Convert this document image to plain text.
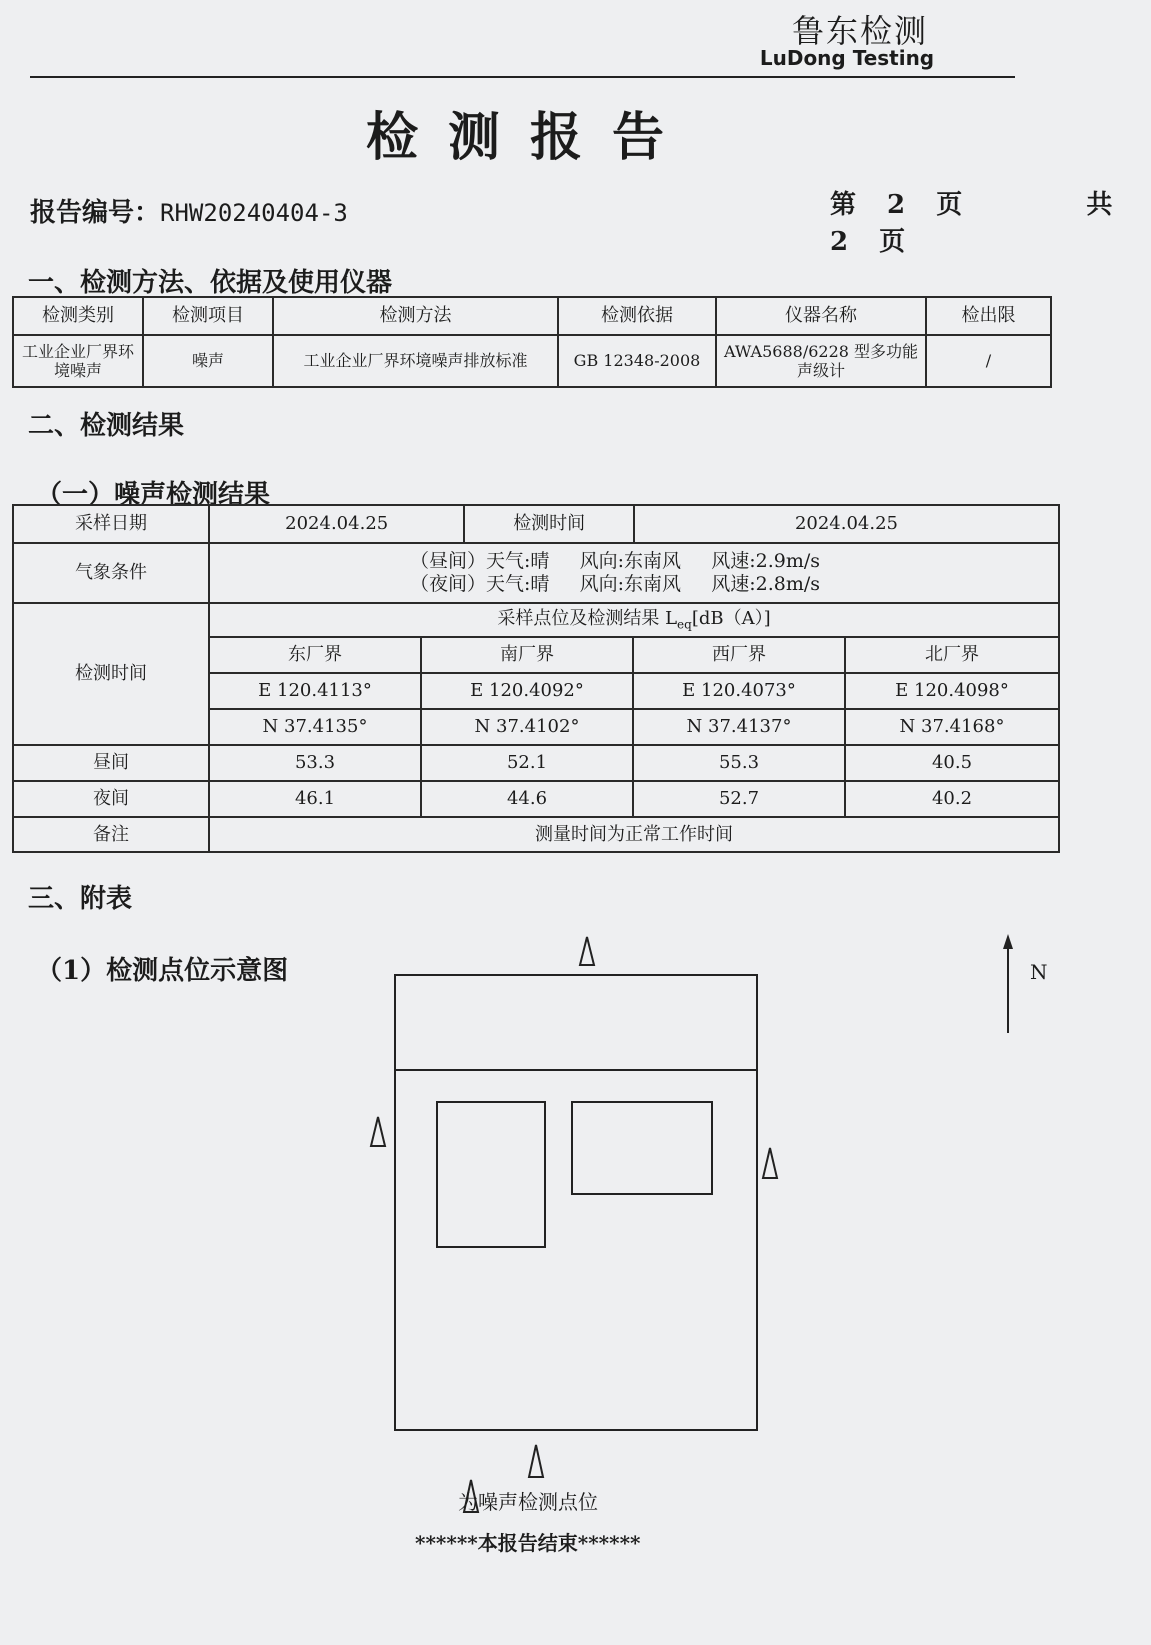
鲁东检测
LuDong Testing
检测报告
报告编号：RHW20240404-3	第 2 页	共 2 页
一、检测方法、依据及使用仪器
检测类别	检测项目	检测方法	检测依据	仪器名称	检出限
工业企业厂界环境噪声	噪声	工业企业厂界环境噪声排放标准	GB 12348-2008	AWA5688/6228 型多功能声级计	/
二、检测结果
（一）噪声检测结果
采样日期		2024.04.25	检测时间	2024.04.25

气象条件	
（昼间）天气:晴     风向:东南风     风速:2.9m/s
（夜间）天气:晴     风向:东南风     风速:2.8m/s

检测时间	采样点位及检测结果 $L_{eq}[dB(A)]$
东厂界	南厂界	西厂界	北厂界
E 120.4113°	E 120.4092°	E 120.4073°	E 120.4098°
N 37.4135°	N 37.4102°	N 37.4137°	N 37.4168°
昼间	53.3	52.1	55.3	40.5
夜间	46.1	44.6	52.7	40.2
备注	测量时间为正常工作时间
三、附表
（1）检测点位示意图	N
为噪声检测点位
******本报告结束******
